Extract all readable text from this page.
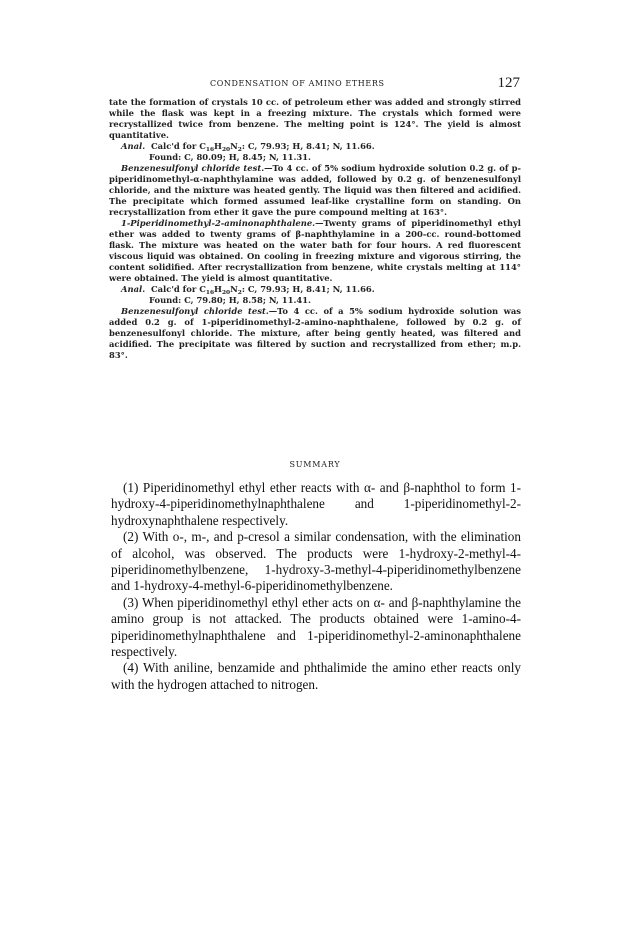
CONDENSATION OF AMINO ETHERS	127

tate the formation of crystals 10 cc. of petroleum ether was added and strongly stirred while the flask was kept in a freezing mixture. The crystals which formed were recrystallized twice from benzene. The melting point is 124°. The yield is almost quantitative.

Anal. Calc'd for $C_{16}H_{20}N_2$: C, 79.93; H, 8.41; N, 11.66.

Found: C, 80.09; H, 8.45; N, 11.31.

Benzenesulfonyl chloride test.—To 4 cc. of 5% sodium hydroxide solution 0.2 g. of p-piperidinomethyl-α-naphthylamine was added, followed by 0.2 g. of benzenesulfonyl chloride, and the mixture was heated gently. The liquid was then filtered and acidified. The precipitate which formed assumed leaf-like crystalline form on standing. On recrystallization from ether it gave the pure compound melting at 163°.

1-Piperidinomethyl-2-aminonaphthalene.—Twenty grams of piperidinomethyl ethyl ether was added to twenty grams of β-naphthylamine in a 200-cc. round-bottomed flask. The mixture was heated on the water bath for four hours. A red fluorescent viscous liquid was obtained. On cooling in freezing mixture and vigorous stirring, the content solidified. After recrystallization from benzene, white crystals melting at 114° were obtained. The yield is almost quantitative.

Anal. Calc'd for $C_{16}H_{20}N_2$: C, 79.93; H, 8.41; N, 11.66.

Found: C, 79.80; H, 8.58; N, 11.41.

Benzenesulfonyl chloride test.—To 4 cc. of a 5% sodium hydroxide solution was added 0.2 g. of 1-piperidinomethyl-2-amino-naphthalene, followed by 0.2 g. of benzenesulfonyl chloride. The mixture, after being gently heated, was filtered and acidified. The precipitate was filtered by suction and recrystallized from ether; m.p. 83°.

SUMMARY

(1) Piperidinomethyl ethyl ether reacts with α- and β-naphthol to form 1-hydroxy-4-piperidinomethylnaphthalene and 1-piperidinomethyl-2-hydroxynaphthalene respectively.

(2) With o-, m-, and p-cresol a similar condensation, with the elimination of alcohol, was observed. The products were 1-hydroxy-2-methyl-4-piperidinomethylbenzene, 1-hydroxy-3-methyl-4-piperidinomethylbenzene and 1-hydroxy-4-methyl-6-piperidinomethylbenzene.

(3) When piperidinomethyl ethyl ether acts on α- and β-naphthylamine the amino group is not attacked. The products obtained were 1-amino-4-piperidinomethylnaphthalene and 1-piperidinomethyl-2-aminonaphthalene respectively.

(4) With aniline, benzamide and phthalimide the amino ether reacts only with the hydrogen attached to nitrogen.
